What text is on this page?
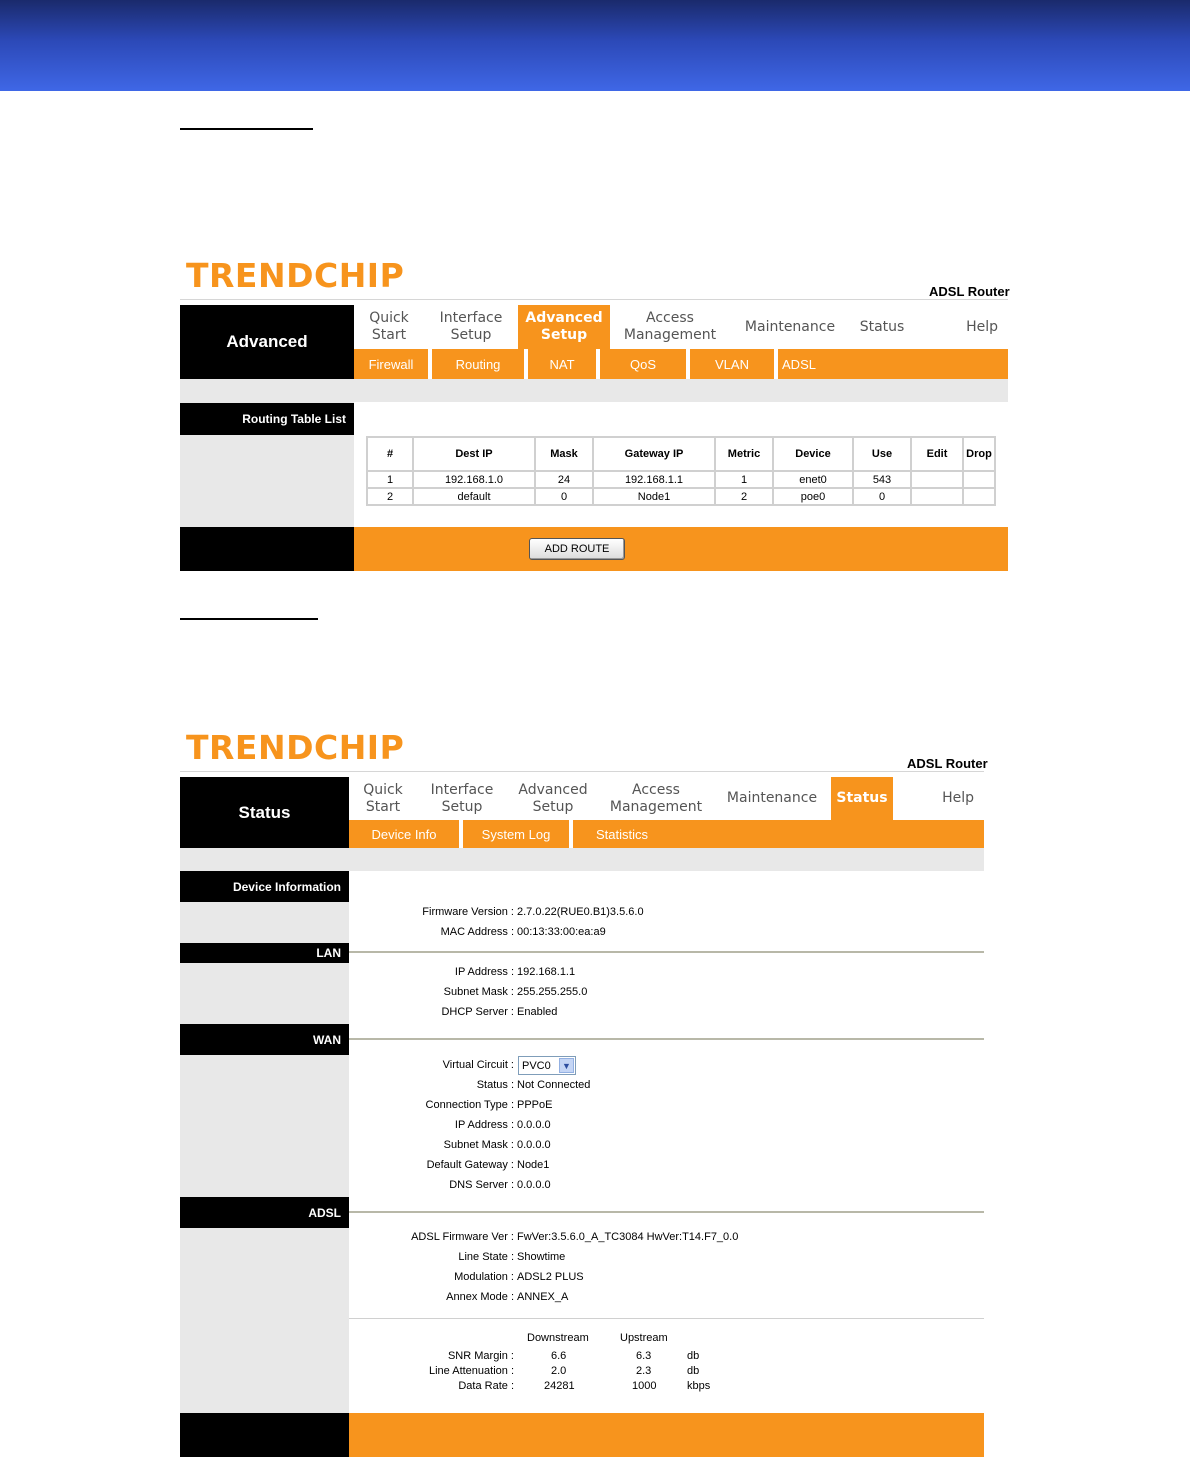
TRENDCHIP	ADSL Router
Advanced
Quick
Start
Interface
Setup
Advanced
Setup
Access
Management
Maintenance Status	Help
Firewall	Routing	NAT	QoS	VLAN	ADSL
Routing Table List
#	Dest IP	Mask	Gateway IP	Metric	Device	Use	Edit	Drop
1	192.168.1.0	24	192.168.1.1	1	enet0	543		
2	default	0	Node1	2	poe0	0		
ADD ROUTE
TRENDCHIP	ADSL Router
Status
Quick
Start
Interface
Setup
Advanced
Setup
Access
Management
Maintenance Status	Help
Device Info	System Log	Statistics
Device Information
Firmware Version : 2.7.0.22(RUE0.B1)3.5.6.0
MAC Address : 00:13:33:00:ea:a9
LAN
IP Address : 192.168.1.1
Subnet Mask : 255.255.255.0
DHCP Server : Enabled
WAN
Virtual Circuit : PVC0	▼
Status : Not Connected
Connection Type : PPPoE
IP Address : 0.0.0.0
Subnet Mask : 0.0.0.0
Default Gateway : Node1
DNS Server : 0.0.0.0
ADSL
ADSL Firmware Ver : FwVer:3.5.6.0_A_TC3084 HwVer:T14.F7_0.0
Line State : Showtime
Modulation : ADSL2 PLUS
Annex Mode : ANNEX_A
Downstream	Upstream
SNR Margin :	6.6	6.3	db
Line Attenuation :	2.0	2.3	db
Data Rate :	24281	1000	kbps
